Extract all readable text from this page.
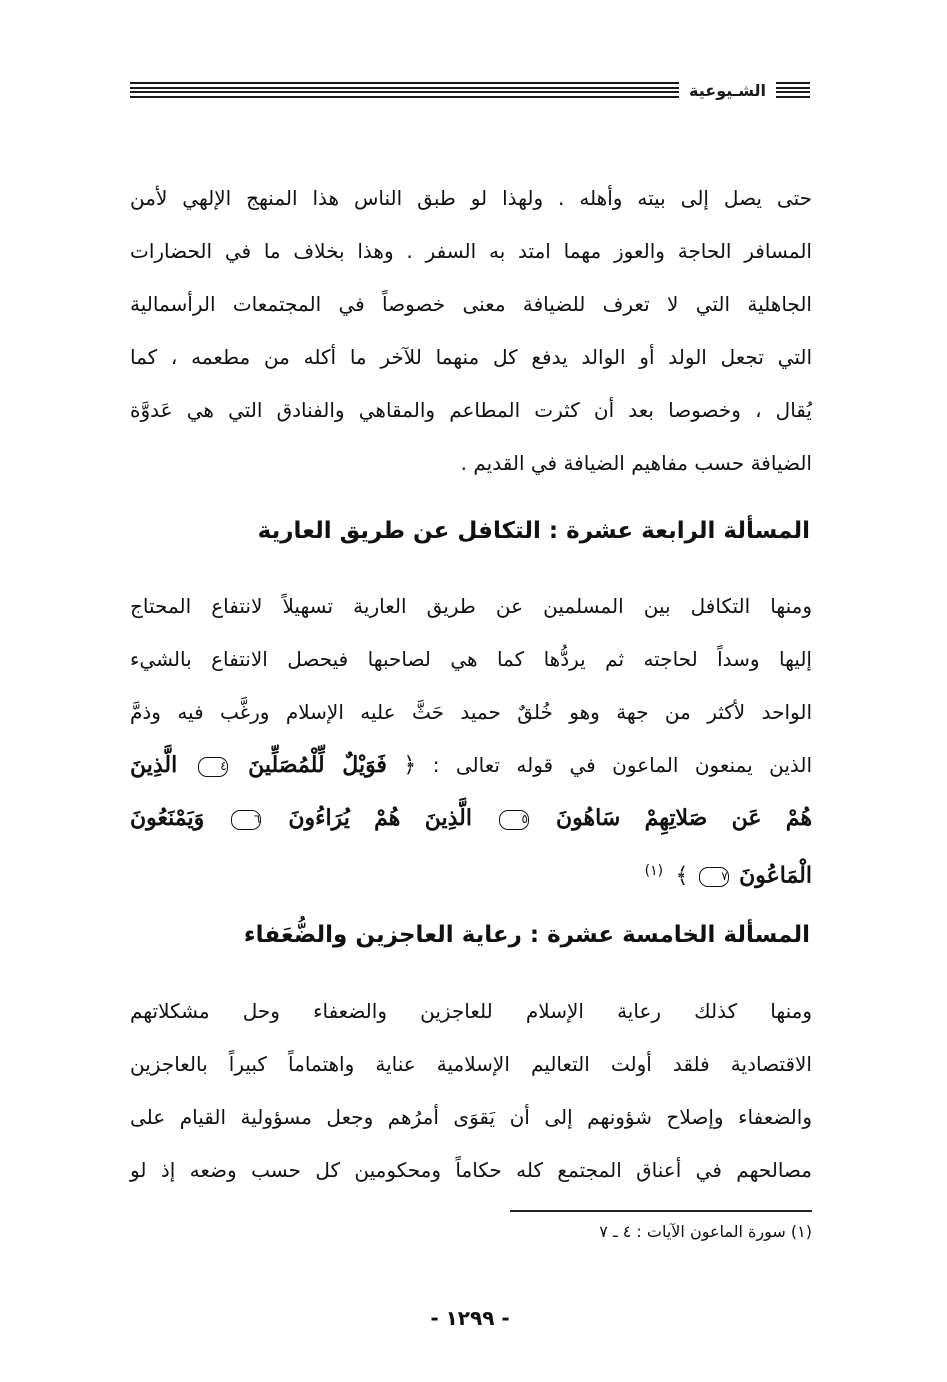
الشـيوعية
حتى يصل إلى بيته وأهله . ولهذا لو طبق الناس هذا المنهج الإلهي لأمن
المسافر الحاجة والعوز مهما امتد به السفر . وهذا بخلاف ما في الحضارات
الجاهلية التي لا تعرف للضيافة معنى خصوصاً في المجتمعات الرأسمالية
التي تجعل الولد أو الوالد يدفع كل منهما للآخر ما أكله من مطعمه ، كما
يُقال ، وخصوصا بعد أن كثرت المطاعم والمقاهي والفنادق التي هي عَدوَّة
الضيافة حسب مفاهيم الضيافة في القديم .
المسألة الرابعة عشرة : التكافل عن طريق العارية
ومنها التكافل بين المسلمين عن طريق العارية تسهيلاً لانتفاع المحتاج
إليها وسداً لحاجته ثم يردُّها كما هي لصاحبها فيحصل الانتفاع بالشيء
الواحد لأكثر من جهة وهو خُلقٌ حميد حَثَّ عليه الإسلام ورغَّب فيه وذمَّ
الذين يمنعون الماعون في قوله تعالى : ﴿ فَوَيْلٌ لِّلْمُصَلِّينَ ٤ الَّذِينَ
هُمْ عَن صَلاتِهِمْ سَاهُونَ ٥ الَّذِينَ هُمْ يُرَاءُونَ ٦ وَيَمْنَعُونَ
الْمَاعُونَ ٧ ﴾ $^{(١)}$
المسألة الخامسة عشرة : رعاية العاجزين والضُّعَفاء
ومنها كذلك رعاية الإسلام للعاجزين والضعفاء وحل مشكلاتهم
الاقتصادية فلقد أولت التعاليم الإسلامية عناية واهتماماً كبيراً بالعاجزين
والضعفاء وإصلاح شؤونهم إلى أن يَقوَى أمرُهم وجعل مسؤولية القيام على
مصالحهم في أعناق المجتمع كله حكاماً ومحكومين كل حسب وضعه إذ لو
(١) سورة الماعون الآيات : ٤ ـ ٧
- ١٢٩٩ -
